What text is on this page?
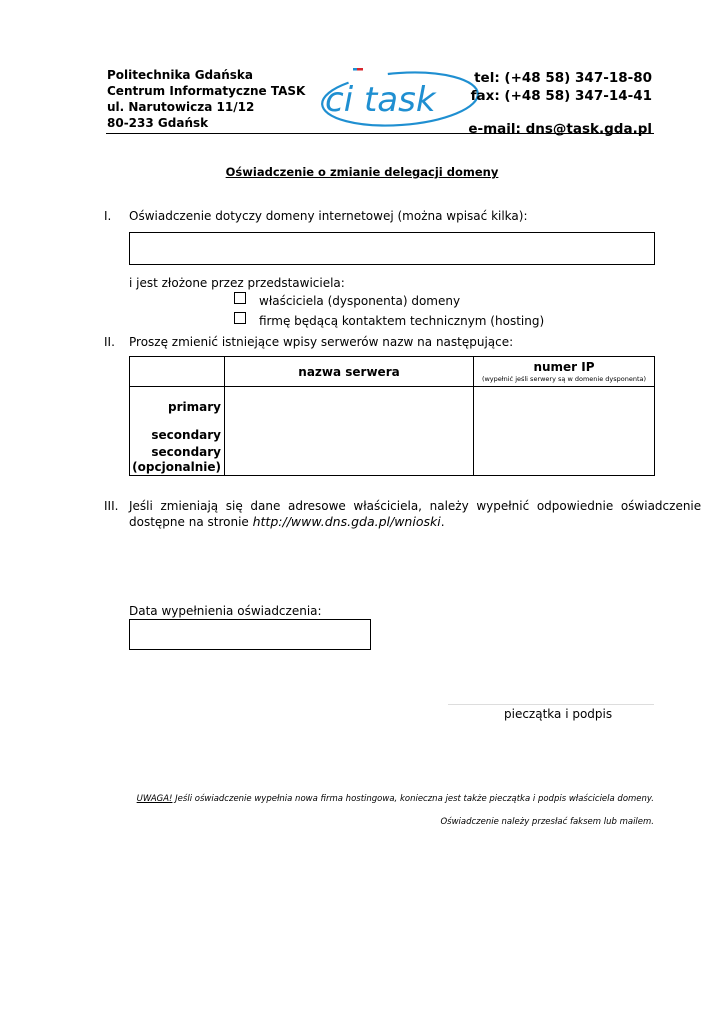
Politechnika Gdańska
Centrum Informatyczne TASK
ul. Narutowicza 11/12
80-233 Gdańsk
ci task
tel: (+48 58) 347-18-80
fax: (+48 58) 347-14-41
e-mail: dns@task.gda.pl
Oświadczenie o zmianie delegacji domeny
I. Oświadczenie dotyczy domeny internetowej (można wpisać kilka):
i jest złożone przez przedstawiciela:
właściciela (dysponenta) domeny
firmę będącą kontaktem technicznym (hosting)
II. Proszę zmienić istniejące wpisy serwerów nazw na następujące:
	nazwa serwera	numer IP
(wypełnić jeśli serwery są w domenie dysponenta)

primary		
secondary		
secondary
(opcjonalnie)		
III. Jeśli  zmieniają  się  dane  adresowe  właściciela,  należy  wypełnić  odpowiednie  oświadczenie
dostępne na stronie http://www.dns.gda.pl/wnioski.
Data wypełnienia oświadczenia:
pieczątka i podpis
UWAGA! Jeśli oświadczenie wypełnia nowa firma hostingowa, konieczna jest także pieczątka i podpis właściciela domeny.
Oświadczenie należy przesłać faksem lub mailem.
